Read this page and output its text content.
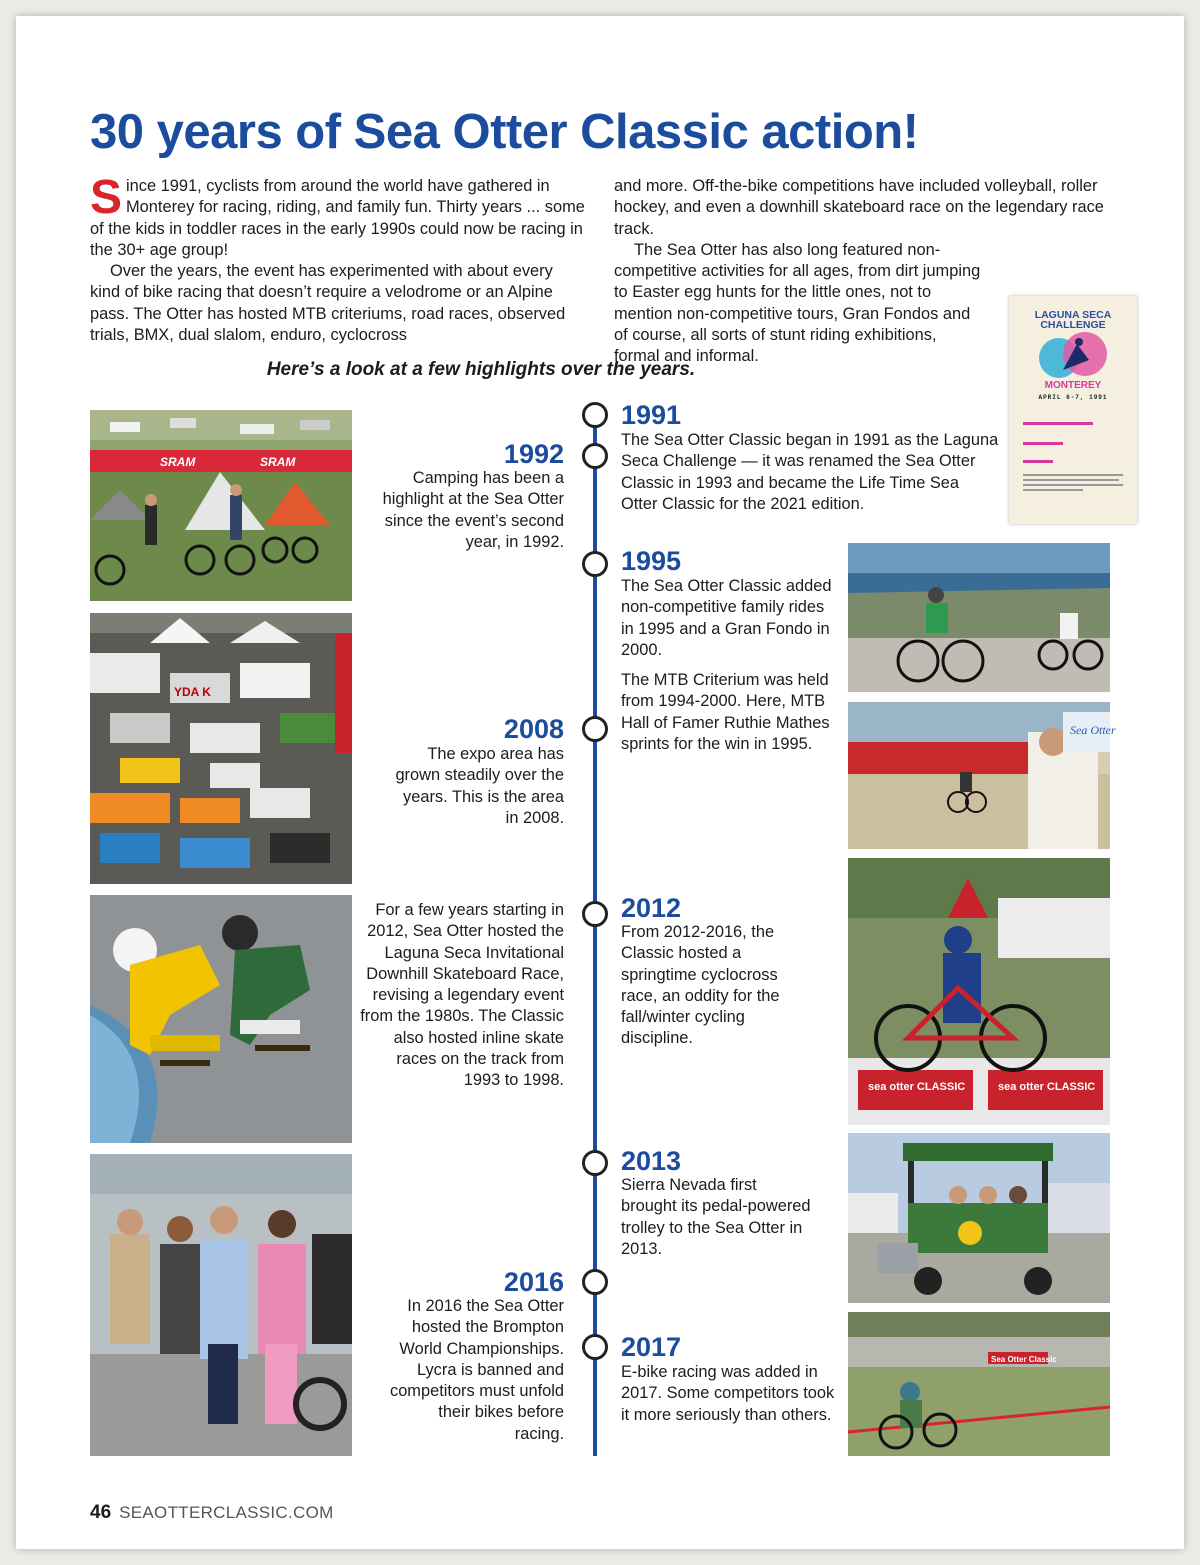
30 years of Sea Otter Classic action!

Since 1991, cyclists from around the world have gathered in Monterey for racing, riding, and family fun. Thirty years ... some of the kids in toddler races in the early 1990s could now be racing in the 30+ age group!

Over the years, the event has experimented with about every kind of bike racing that doesn’t require a velodrome or an Alpine pass. The Otter has hosted MTB criteriums, road races, observed trials, BMX, dual slalom, enduro, cyclocross

and more. Off-the-bike competitions have included volleyball, roller hockey, and even a downhill skateboard race on the legendary race track.

The Sea Otter has also long featured non-competitive activities for all ages, from dirt jumping to Easter egg hunts for the little ones, not to mention non-competitive tours, Gran Fondos and of course, all sorts of stunt riding exhibitions, formal and informal.

Here’s a look at a few highlights over the years.

LAGUNA SECA CHALLENGE
MONTEREY
APRIL 6-7, 1991
1991

The Sea Otter Classic began in 1991 as the Laguna Seca Challenge — it was renamed the Sea Otter Classic in 1993 and became the Life Time Sea Otter Classic for the 2021 edition.

1992

Camping has been a highlight at the Sea Otter since the event’s second year, in 1992.

1995

The Sea Otter Classic added non-competitive family rides in 1995 and a Gran Fondo in 2000.

The MTB Criterium was held from 1994-2000. Here, MTB Hall of Famer Ruthie Mathes sprints for the win in 1995.

2008

The expo area has grown steadily over the years. This is the area in 2008.

For a few years starting in 2012, Sea Otter hosted the Laguna Seca Invitational Downhill Skateboard Race, revising a legendary event from the 1980s. The Classic also hosted inline skate races on the track from 1993 to 1998.

2012

From 2012-2016, the Classic hosted a springtime cyclocross race, an oddity for the fall/winter cycling discipline.

2013

Sierra Nevada first brought its pedal-powered trolley to the Sea Otter in 2013.

2016

In 2016 the Sea Otter hosted the Brompton World Championships. Lycra is banned and competitors must unfold their bikes before racing.

2017

E-bike racing was added in 2017. Some competitors took it more seriously than others.

SRAM	SRAM
YDA K
Sea Otter
sea otter CLASSIC	sea otter CLASSIC
Sea Otter Classic
46 SEAOTTERCLASSIC.COM
